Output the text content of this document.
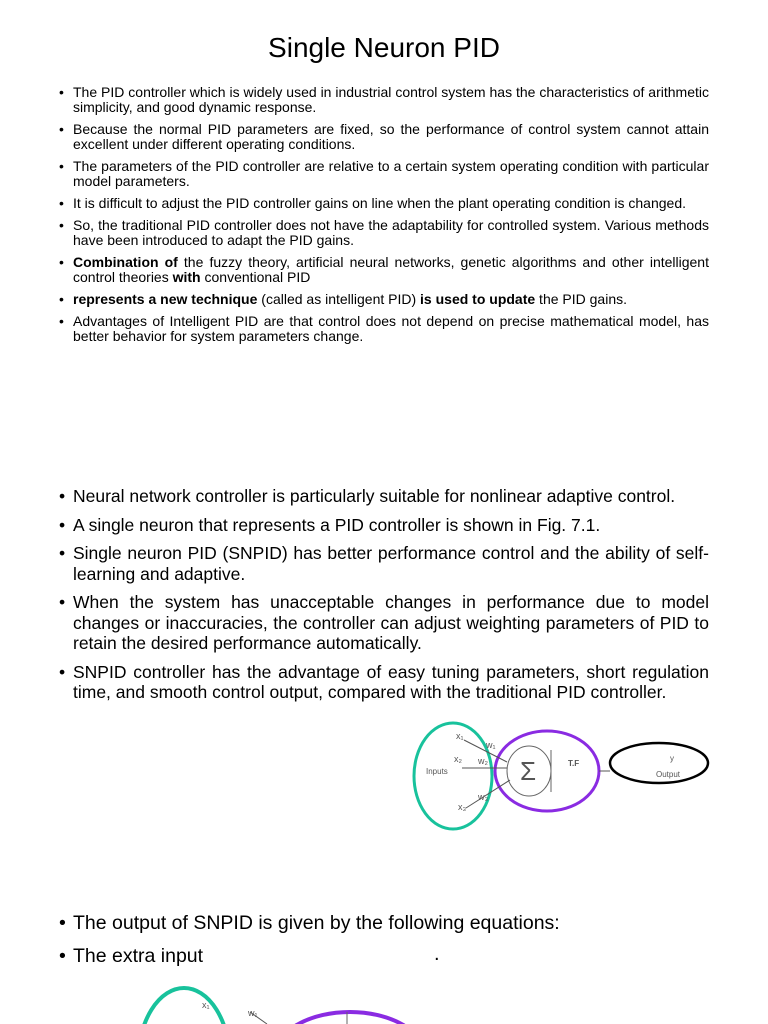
Single Neuron PID
• The PID controller which is widely used in industrial control system has the characteristics of arithmetic simplicity, and good dynamic response.
• Because the normal PID parameters are fixed, so the performance of control system cannot attain excellent under different operating conditions.
• The parameters of the PID controller are relative to a certain system operating condition with particular model parameters.
• It is difficult to adjust the PID controller gains on line when the plant operating condition is changed.
• So, the traditional PID controller does not have the adaptability for controlled system. Various methods have been introduced to adapt the PID gains.
• Combination of the fuzzy theory, artificial neural networks, genetic algorithms and other intelligent control theories with conventional PID
• represents a new technique (called as intelligent PID) is used to update the PID gains.
• Advantages of Intelligent PID are that control does not depend on precise mathematical model, has better behavior for system parameters change.
• Neural network controller is particularly suitable for nonlinear adaptive control.
• A single neuron that represents a PID controller is shown in Fig. 7.1.
• Single neuron PID (SNPID) has better performance control and the ability of self-learning and adaptive.
• When the system has unacceptable changes in performance due to model changes or inaccuracies, the controller can adjust weighting parameters of PID to retain the desired performance automatically.
• SNPID controller has the advantage of easy tuning parameters, short regulation time, and smooth control output, compared with the traditional PID controller.
x₁
w₁
x₂ w₂
Inputs
w₃
x₃
Σ	T.F
y
Output
• The output of SNPID is given by the following equations:
• The extra input	.
x₁
w₁
